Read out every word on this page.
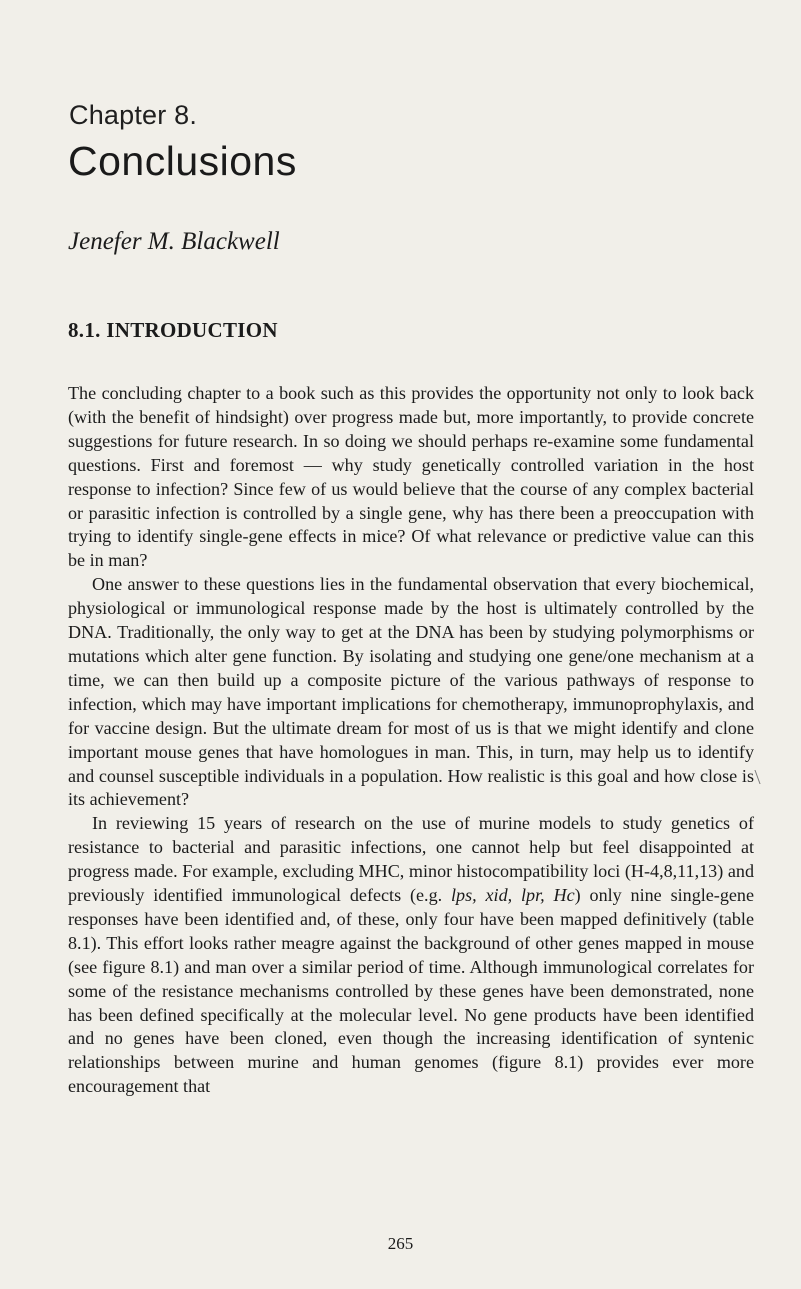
Chapter 8.
Conclusions
Jenefer M. Blackwell
8.1. INTRODUCTION

The concluding chapter to a book such as this provides the opportunity not only to look back (with the benefit of hindsight) over progress made but, more importantly, to provide concrete suggestions for future research. In so doing we should perhaps re-examine some fundamental questions. First and foremost — why study genetically controlled variation in the host response to infection? Since few of us would believe that the course of any complex bacterial or parasitic infection is controlled by a single gene, why has there been a preoccupation with trying to identify single-gene effects in mice? Of what relevance or predictive value can this be in man?

One answer to these questions lies in the fundamental observation that every biochemical, physiological or immunological response made by the host is ultimately controlled by the DNA. Traditionally, the only way to get at the DNA has been by studying polymorphisms or mutations which alter gene function. By isolating and studying one gene/one mechanism at a time, we can then build up a composite picture of the various pathways of response to infection, which may have important implications for chemotherapy, immunoprophylaxis, and for vaccine design. But the ultimate dream for most of us is that we might identify and clone important mouse genes that have homologues in man. This, in turn, may help us to identify and counsel susceptible individuals in a population. How realistic is this goal and how close is its achievement?

In reviewing 15 years of research on the use of murine models to study genetics of resistance to bacterial and parasitic infections, one cannot help but feel disappointed at progress made. For example, excluding MHC, minor histocompatibility loci (H-4,8,11,13) and previously identified immunological defects (e.g. lps, xid, lpr, Hc) only nine single-gene responses have been identified and, of these, only four have been mapped definitively (table 8.1). This effort looks rather meagre against the background of other genes mapped in mouse (see figure 8.1) and man over a similar period of time. Although immunological correlates for some of the resistance mechanisms controlled by these genes have been demonstrated, none has been defined specifically at the molecular level. No gene products have been identified and no genes have been cloned, even though the increasing identification of syntenic relationships between murine and human genomes (figure 8.1) provides ever more encouragement that

265
